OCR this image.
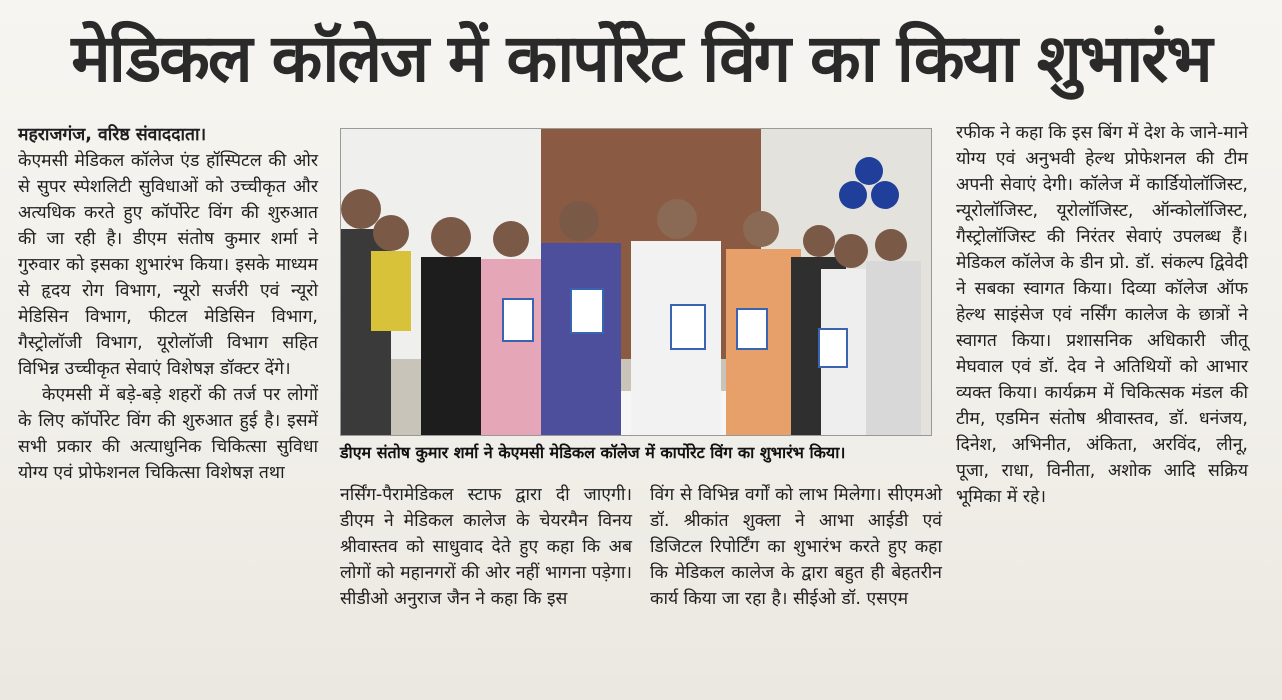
मेडिकल कॉलेज में कार्पोरेट विंग का किया शुभारंभ

महराजगंज, वरिष्ठ संवाददाता।

केएमसी मेडिकल कॉलेज एंड हॉस्पिटल की ओर से सुपर स्पेशलिटी सुविधाओं को उच्चीकृत और अत्यधिक करते हुए कॉर्पोरेट विंग की शुरुआत की जा रही है। डीएम संतोष कुमार शर्मा ने गुरुवार को इसका शुभारंभ किया। इसके माध्यम से हृदय रोग विभाग, न्यूरो सर्जरी एवं न्यूरो मेडिसिन विभाग, फीटल मेडिसिन विभाग, गैस्ट्रोलॉजी विभाग, यूरोलॉजी विभाग सहित विभिन्न उच्चीकृत सेवाएं विशेषज्ञ डॉक्टर देंगे।

केएमसी में बड़े-बड़े शहरों की तर्ज पर लोगों के लिए कॉर्पोरेट विंग की शुरुआत हुई है। इसमें सभी प्रकार की अत्याधुनिक चिकित्सा सुविधा योग्य एवं प्रोफेशनल चिकित्सा विशेषज्ञ तथा

डीएम संतोष कुमार शर्मा ने केएमसी मेडिकल कॉलेज में कार्पोरेट विंग का शुभारंभ किया।

नर्सिंग-पैरामेडिकल स्टाफ द्वारा दी जाएगी। डीएम ने मेडिकल कालेज के चेयरमैन विनय श्रीवास्तव को साधुवाद देते हुए कहा कि अब लोगों को महानगरों की ओर नहीं भागना पड़ेगा। सीडीओ अनुराज जैन ने कहा कि इस

विंग से विभिन्न वर्गों को लाभ मिलेगा। सीएमओ डॉ. श्रीकांत शुक्ला ने आभा आईडी एवं डिजिटल रिपोर्टिंग का शुभारंभ करते हुए कहा कि मेडिकल कालेज के द्वारा बहुत ही बेहतरीन कार्य किया जा रहा है। सीईओ डॉ. एसएम

रफीक ने कहा कि इस बिंग में देश के जाने-माने योग्य एवं अनुभवी हेल्थ प्रोफेशनल की टीम अपनी सेवाएं देगी। कॉलेज में कार्डियोलॉजिस्ट, न्यूरोलॉजिस्ट, यूरोलॉजिस्ट, ऑन्कोलॉजिस्ट, गैस्ट्रोलॉजिस्ट की निरंतर सेवाएं उपलब्ध हैं। मेडिकल कॉलेज के डीन प्रो. डॉ. संकल्प द्विवेदी ने सबका स्वागत किया। दिव्या कॉलेज ऑफ हेल्थ साइंसेज एवं नर्सिंग कालेज के छात्रों ने स्वागत किया। प्रशासनिक अधिकारी जीतू मेघवाल एवं डॉ. देव ने अतिथियों को आभार व्यक्त किया। कार्यक्रम में चिकित्सक मंडल की टीम, एडमिन संतोष श्रीवास्तव, डॉ. धनंजय, दिनेश, अभिनीत, अंकिता, अरविंद, लीनू, पूजा, राधा, विनीता, अशोक आदि सक्रिय भूमिका में रहे।
